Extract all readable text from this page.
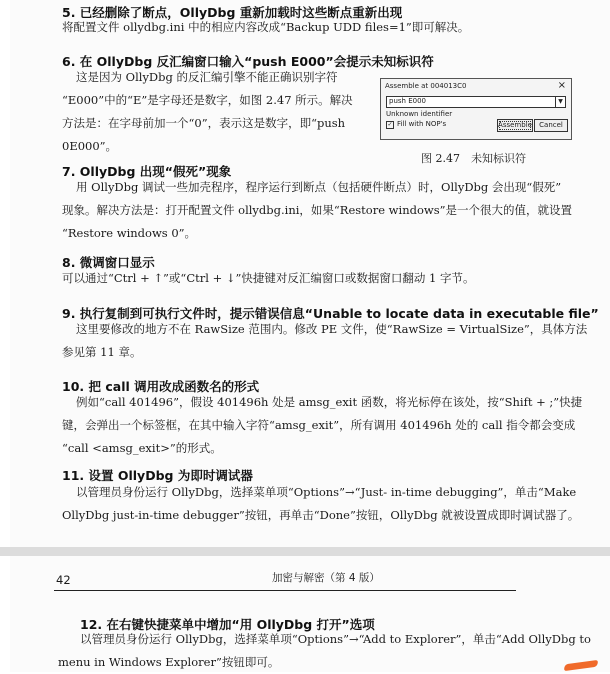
5. 已经删除了断点，OllyDbg 重新加载时这些断点重新出现
将配置文件 ollydbg.ini 中的相应内容改成“Backup UDD files=1”即可解决。
6. 在 OllyDbg 反汇编窗口输入“push E000”会提示未知标识符
这是因为 OllyDbg 的反汇编引擎不能正确识别字符
“E000”中的“E”是字母还是数字，如图 2.47 所示。解决
方法是：在字母前加一个“0”，表示这是数字，即“push
0E000”。
Assemble at 004013C0	×
push E000	▼
Unknown identifier
✓ Fill with NOP's	Assemble	Cancel
图 2.47　未知标识符
7. OllyDbg 出现“假死”现象
用 OllyDbg 调试一些加壳程序，程序运行到断点（包括硬件断点）时，OllyDbg 会出现“假死”
现象。解决方法是：打开配置文件 ollydbg.ini，如果“Restore windows”是一个很大的值，就设置
“Restore windows 0”。
8. 微调窗口显示
可以通过“Ctrl + ↑”或“Ctrl + ↓”快捷键对反汇编窗口或数据窗口翻动 1 字节。
9. 执行复制到可执行文件时，提示错误信息“Unable to locate data in executable file”
这里要修改的地方不在 RawSize 范围内。修改 PE 文件，使“RawSize = VirtualSize”，具体方法
参见第 11 章。
10. 把 call 调用改成函数名的形式
例如“call 401496”，假设 401496h 处是 amsg_exit 函数，将光标停在该处，按“Shift + ;”快捷
键，会弹出一个标签框，在其中输入字符“amsg_exit”，所有调用 401496h 处的 call 指令都会变成
“call <amsg_exit>”的形式。
11. 设置 OllyDbg 为即时调试器
以管理员身份运行 OllyDbg，选择菜单项“Options”→“Just- in-time debugging”，单击“Make
OllyDbg just-in-time debugger”按钮，再单击“Done”按钮，OllyDbg 就被设置成即时调试器了。
42	加密与解密（第 4 版）
12. 在右键快捷菜单中增加“用 OllyDbg 打开”选项
以管理员身份运行 OllyDbg，选择菜单项“Options”→“Add to Explorer”，单击“Add OllyDbg to
menu in Windows Explorer”按钮即可。
